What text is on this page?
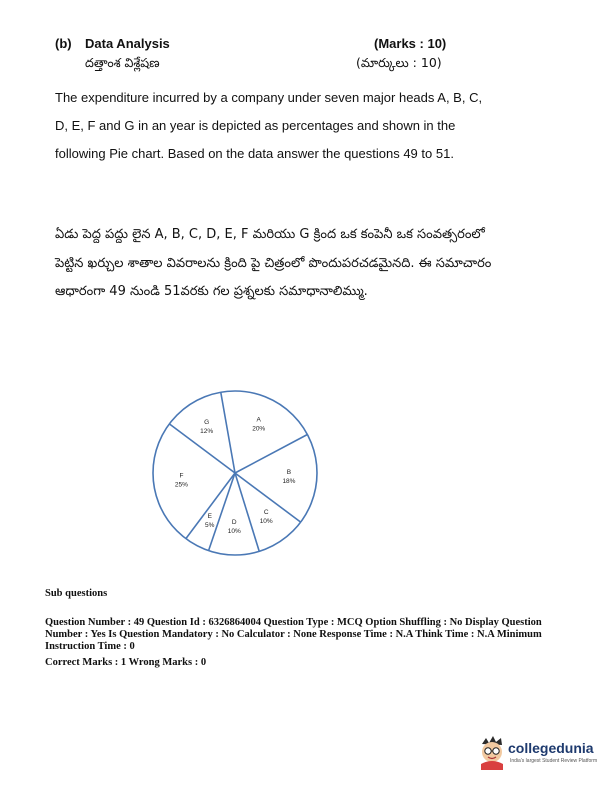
(b) Data Analysis	(Marks : 10)
దత్తాంశ విశ్లేషణ	(మార్కులు : 10)
The expenditure incurred by a company under seven major heads A, B, C, D, E, F and G in an year is depicted as percentages and shown in the following Pie chart. Based on the data answer the questions 49 to 51.
ఏడు పెద్ద పద్దు లైన A, B, C, D, E, F మరియు G క్రింద ఒక కంపెనీ ఒక సంవత్సరంలో పెట్టిన ఖర్చుల శాతాల వివరాలను క్రింది పై చిత్రంలో పొందుపరచడమైనది. ఈ సమాచారం ఆధారంగా 49 నుండి 51వరకు గల ప్రశ్నలకు సమాధానాలిమ్ము.
A
20%
B
18%
C
10%
D
10%
E
5%
F
25%
G
12%
Sub questions
Question Number : 49 Question Id : 6326864004 Question Type : MCQ Option Shuffling : No Display Question Number : Yes Is Question Mandatory : No Calculator : None Response Time : N.A Think Time : N.A Minimum Instruction Time : 0
Correct Marks : 1 Wrong Marks : 0
collegedunia
India's largest Student Review Platform
